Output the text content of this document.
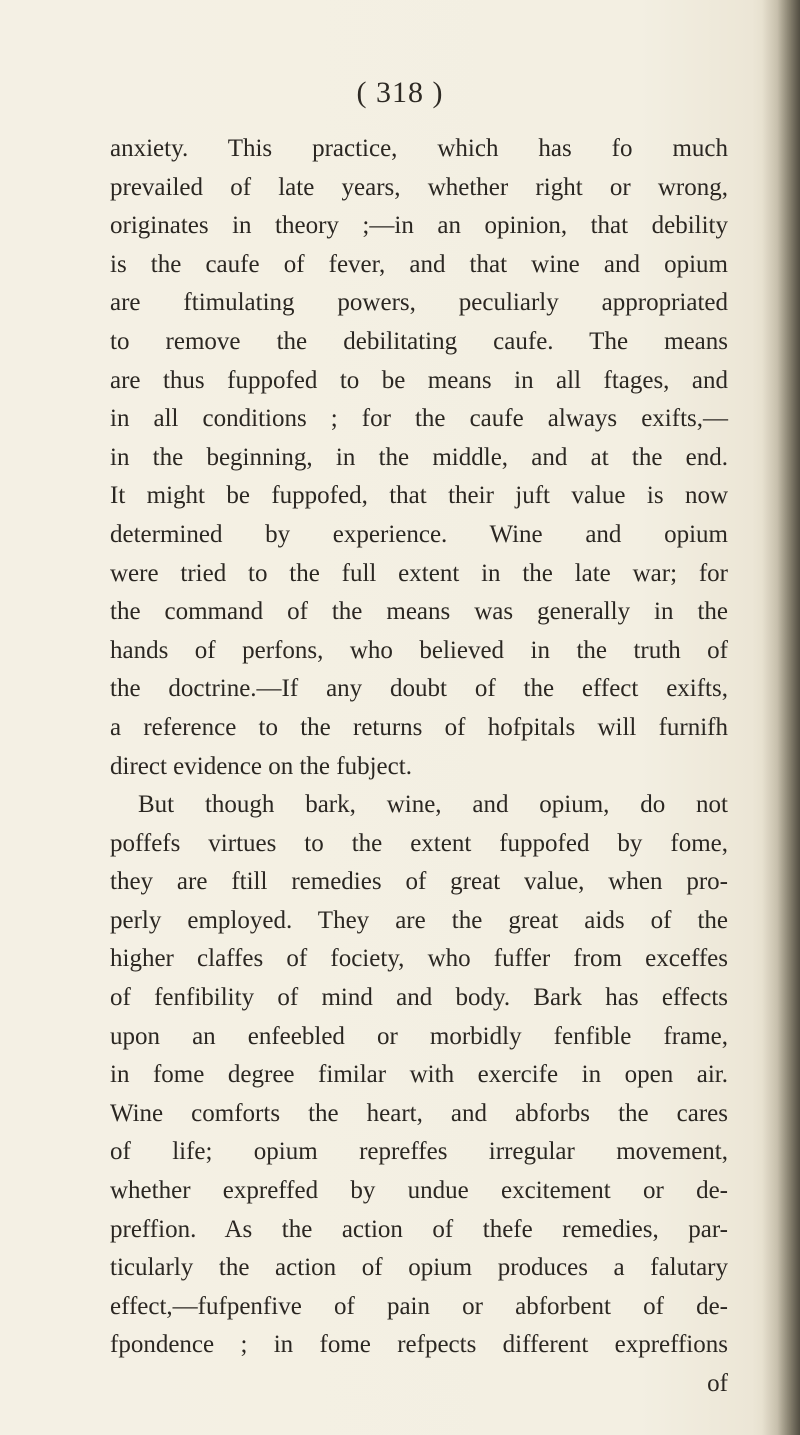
( 318 )
anxiety. This practice, which has fo much
prevailed of late years, whether right or wrong,
originates in theory ;—in an opinion, that debility
is the caufe of fever, and that wine and opium
are ftimulating powers, peculiarly appropriated
to remove the debilitating caufe. The means
are thus fuppofed to be means in all ftages, and
in all conditions ; for the caufe always exifts,—
in the beginning, in the middle, and at the end.
It might be fuppofed, that their juft value is now
determined by experience. Wine and opium
were tried to the full extent in the late war; for
the command of the means was generally in the
hands of perfons, who believed in the truth of
the doctrine.—If any doubt of the effect exifts,
a reference to the returns of hofpitals will furnifh
direct evidence on the fubject.
But though bark, wine, and opium, do not
poffefs virtues to the extent fuppofed by fome,
they are ftill remedies of great value, when pro-
perly employed. They are the great aids of the
higher claffes of fociety, who fuffer from exceffes
of fenfibility of mind and body. Bark has effects
upon an enfeebled or morbidly fenfible frame,
in fome degree fimilar with exercife in open air.
Wine comforts the heart, and abforbs the cares
of life; opium repreffes irregular movement,
whether expreffed by undue excitement or de-
preffion. As the action of thefe remedies, par-
ticularly the action of opium produces a falutary
effect,—fufpenfive of pain or abforbent of de-
fpondence ; in fome refpects different expreffions
of
